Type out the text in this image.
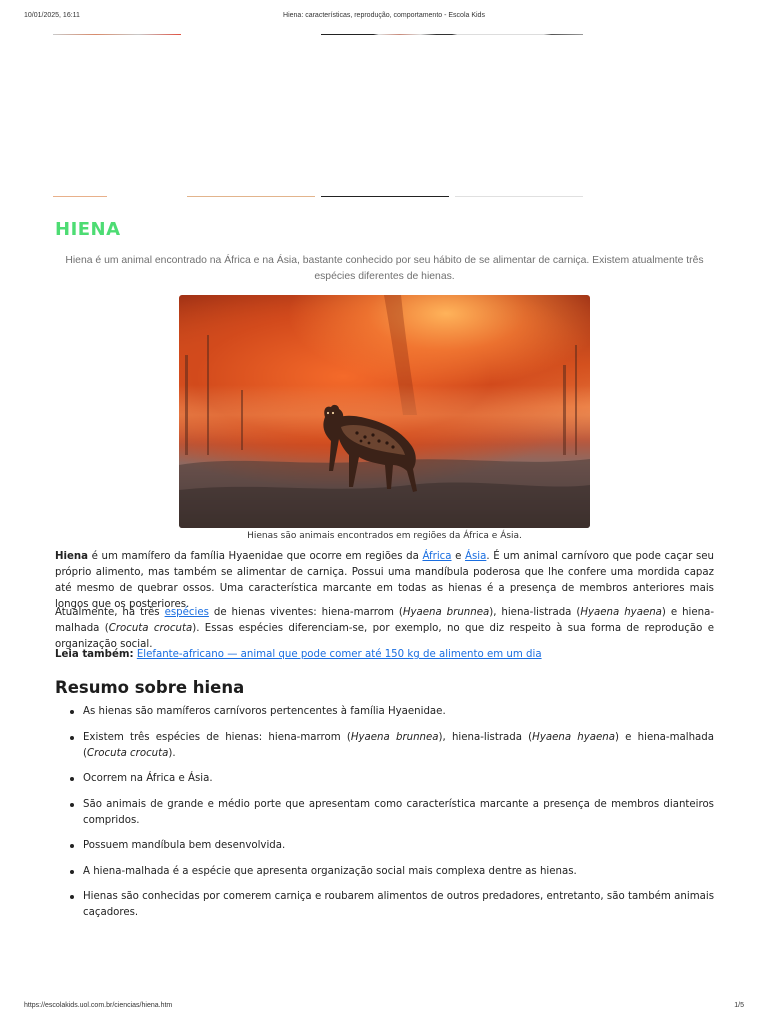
10/01/2025, 16:11	Hiena: características, reprodução, comportamento - Escola Kids
HIENA

Hiena é um animal encontrado na África e na Ásia, bastante conhecido por seu hábito de se alimentar de carniça. Existem atualmente três espécies diferentes de hienas.

Hienas são animais encontrados em regiões da África e Ásia.

Hiena é um mamífero da família Hyaenidae que ocorre em regiões da África e Ásia. É um animal carnívoro que pode caçar seu próprio alimento, mas também se alimentar de carniça. Possui uma mandíbula poderosa que lhe confere uma mordida capaz até mesmo de quebrar ossos. Uma característica marcante em todas as hienas é a presença de membros anteriores mais longos que os posteriores.

Atualmente, há três espécies de hienas viventes: hiena-marrom (Hyaena brunnea), hiena-listrada (Hyaena hyaena) e hiena-malhada (Crocuta crocuta). Essas espécies diferenciam-se, por exemplo, no que diz respeito à sua forma de reprodução e organização social.

Leia também: Elefante-africano — animal que pode comer até 150 kg de alimento em um dia

Resumo sobre hiena
As hienas são mamíferos carnívoros pertencentes à família Hyaenidae.
Existem três espécies de hienas: hiena-marrom (Hyaena brunnea), hiena-listrada (Hyaena hyaena) e hiena-malhada (Crocuta crocuta).
Ocorrem na África e Ásia.
São animais de grande e médio porte que apresentam como característica marcante a presença de membros dianteiros compridos.
Possuem mandíbula bem desenvolvida.
A hiena-malhada é a espécie que apresenta organização social mais complexa dentre as hienas.
Hienas são conhecidas por comerem carniça e roubarem alimentos de outros predadores, entretanto, são também animais caçadores.
https://escolakids.uol.com.br/ciencias/hiena.htm	1/5
